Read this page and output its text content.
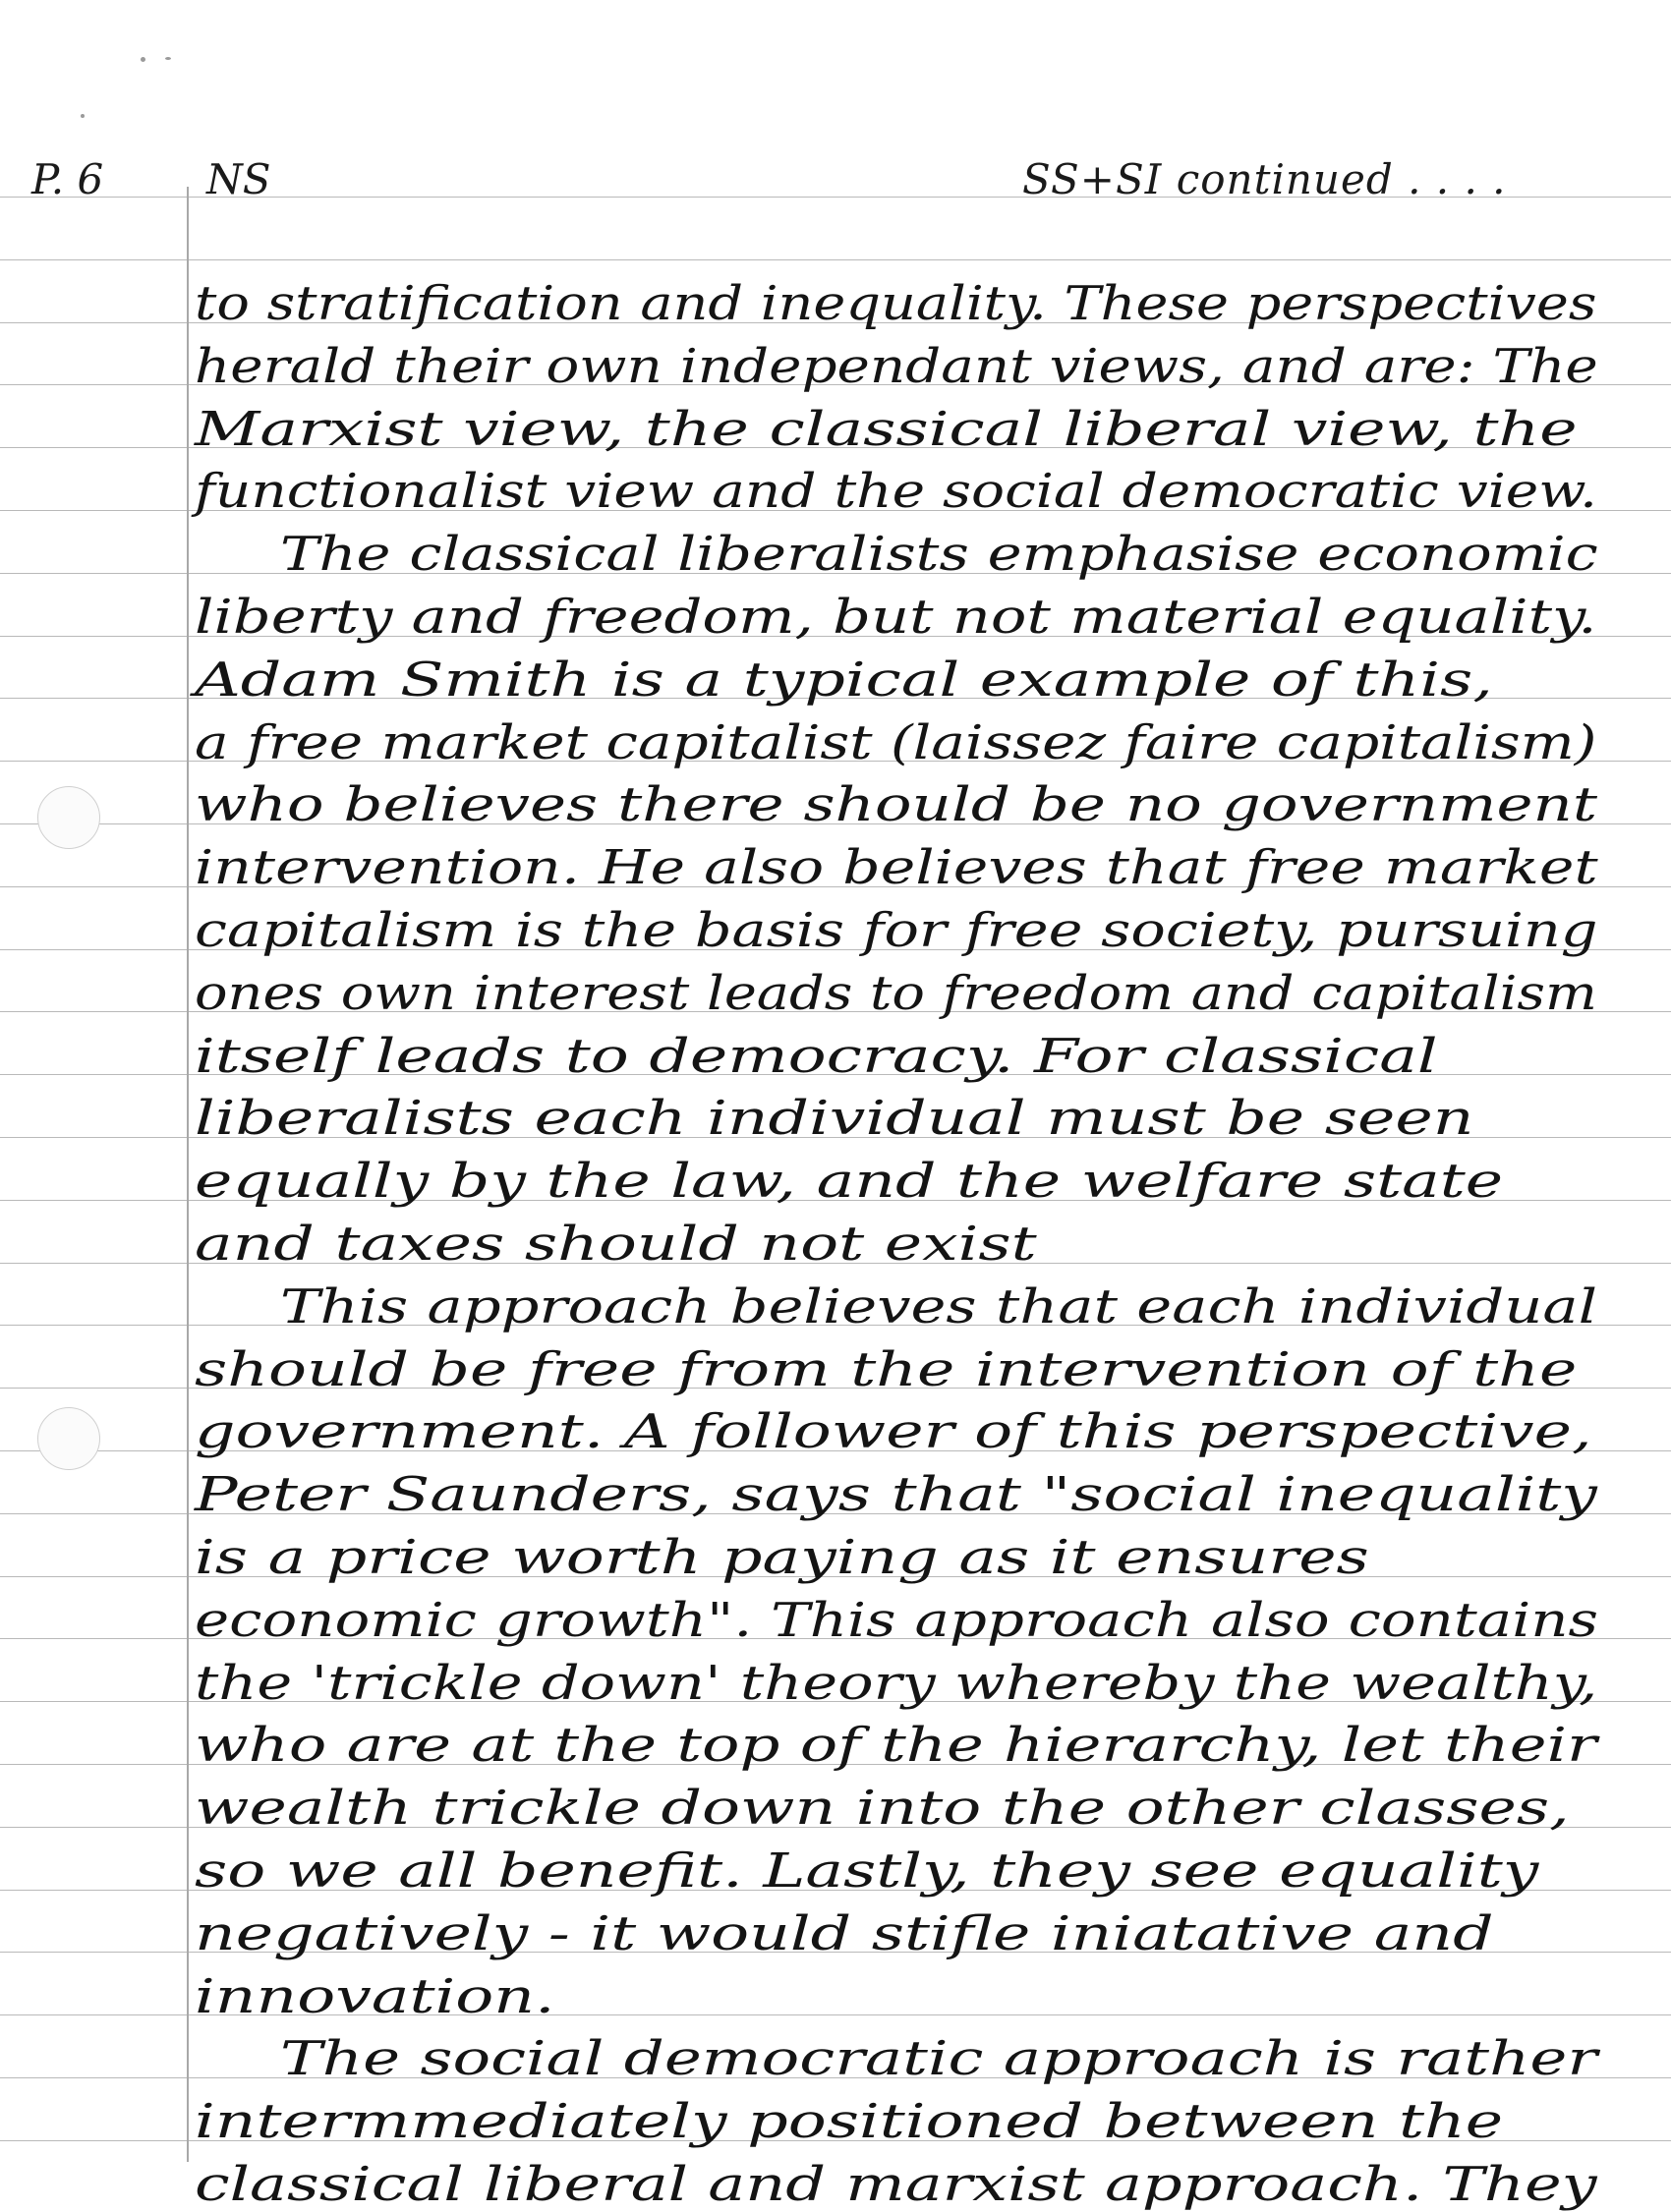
P. 6 NS	SS+SI continued . . . .
to stratification and inequality. These perspectives
herald their own independant views, and are: The
Marxist view, the classical liberal view, the
functionalist view and the social democratic view.
The classical liberalists emphasise economic
liberty and freedom, but not material equality.
Adam Smith is a typical example of this,
a free market capitalist (laissez faire capitalism)
who believes there should be no government
intervention. He also believes that free market
capitalism is the basis for free society, pursuing
ones own interest leads to freedom and capitalism
itself leads to democracy. For classical
liberalists each individual must be seen
equally by the law, and the welfare state
and taxes should not exist
This approach believes that each individual
should be free from the intervention of the
government. A follower of this perspective,
Peter Saunders, says that "social inequality
is a price worth paying as it ensures
economic growth". This approach also contains
the 'trickle down' theory whereby the wealthy,
who are at the top of the hierarchy, let their
wealth trickle down into the other classes,
so we all benefit. Lastly, they see equality
negatively - it would stifle iniatative and
innovation.
The social democratic approach is rather
intermmediately positioned between the
classical liberal and marxist approach. They
